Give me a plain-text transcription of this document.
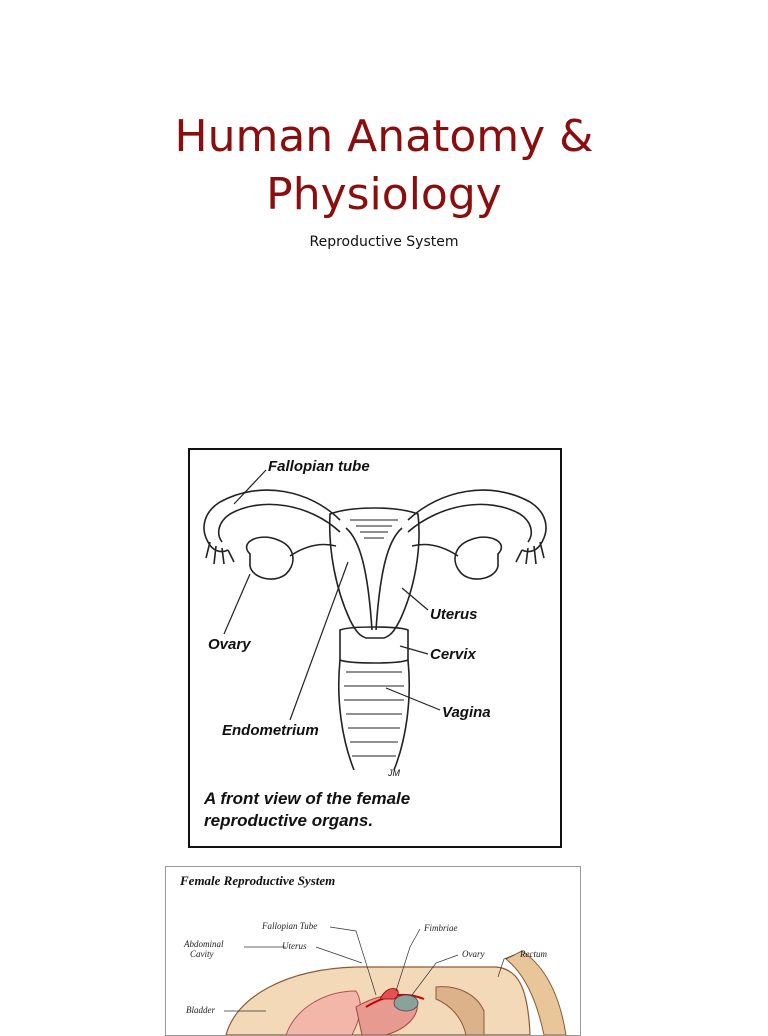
Human Anatomy &
Physiology
Reproductive System
Fallopian tube
Ovary
Uterus
Cervix
Vagina
Endometrium
JM
A front view of the female
reproductive organs.
Female Reproductive System
Fallopian Tube	Fimbriae
Abdominal
Cavity
Uterus
Ovary	Rectum
Bladder
